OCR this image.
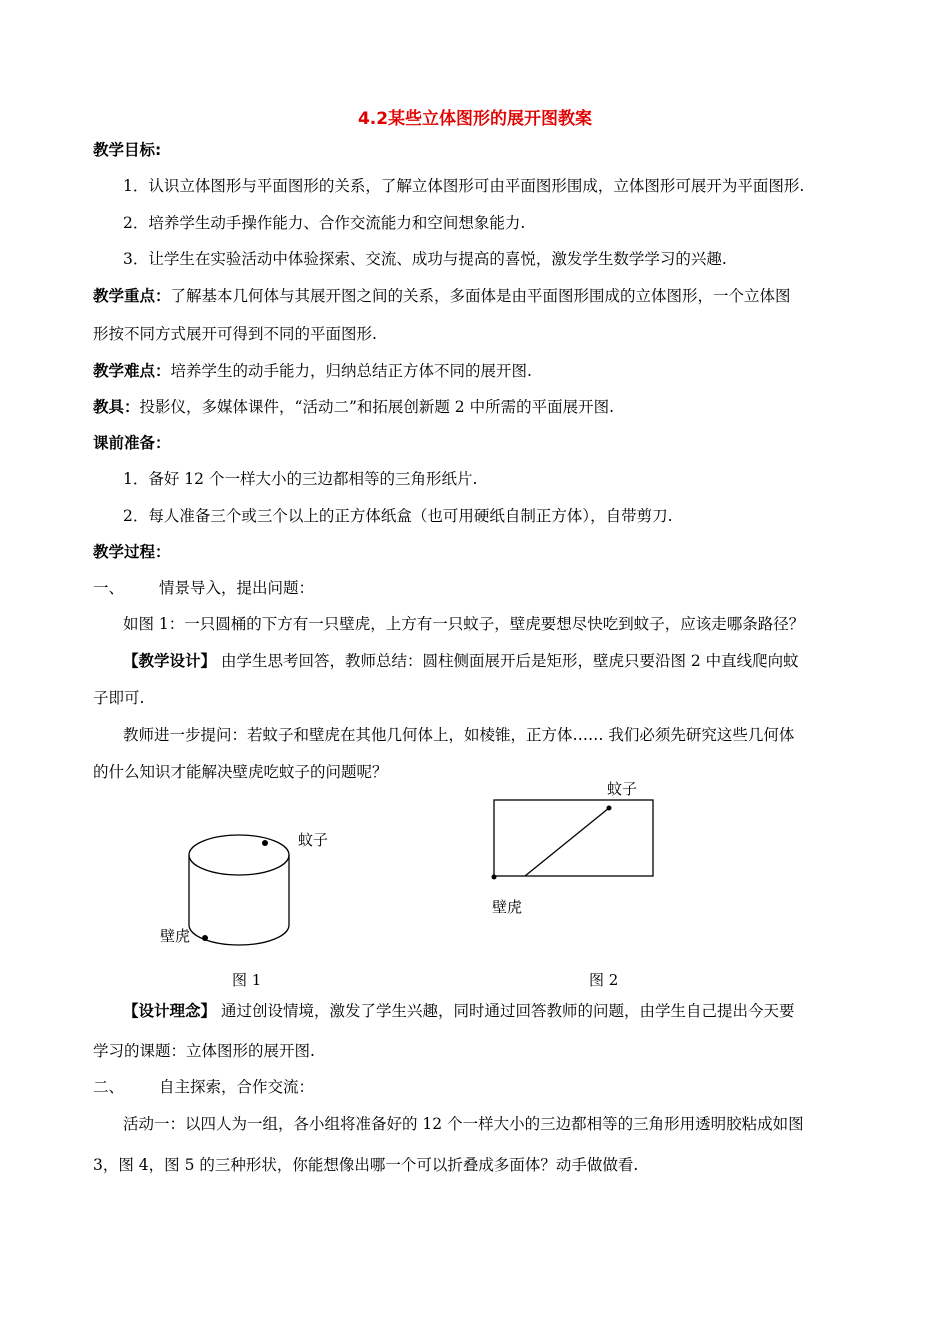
4.2某些立体图形的展开图教案
教学目标:
1．认识立体图形与平面图形的关系，了解立体图形可由平面图形围成，立体图形可展开为平面图形.
2．培养学生动手操作能力、合作交流能力和空间想象能力.
3．让学生在实验活动中体验探索、交流、成功与提高的喜悦，激发学生数学学习的兴趣.
教学重点：了解基本几何体与其展开图之间的关系，多面体是由平面图形围成的立体图形，一个立体图
形按不同方式展开可得到不同的平面图形.
教学难点：培养学生的动手能力，归纳总结正方体不同的展开图.
教具：投影仪，多媒体课件，“活动二”和拓展创新题 2 中所需的平面展开图.
课前准备：
1．备好 12 个一样大小的三边都相等的三角形纸片.
2．每人准备三个或三个以上的正方体纸盒（也可用硬纸自制正方体），自带剪刀.
教学过程：
一、 情景导入，提出问题：
如图 1：一只圆桶的下方有一只壁虎，上方有一只蚊子，壁虎要想尽快吃到蚊子，应该走哪条路径？
【教学设计】 由学生思考回答，教师总结：圆柱侧面展开后是矩形，壁虎只要沿图 2 中直线爬向蚊
子即可.
教师进一步提问：若蚊子和壁虎在其他几何体上，如棱锥，正方体…… 我们必须先研究这些几何体
的什么知识才能解决壁虎吃蚊子的问题呢？
蚊子
壁虎
图 1
蚊子
壁虎
图 2
【设计理念】 通过创设情境，激发了学生兴趣，同时通过回答教师的问题，由学生自己提出今天要
学习的课题：立体图形的展开图.
二、 自主探索，合作交流：
活动一：以四人为一组，各小组将准备好的 12 个一样大小的三边都相等的三角形用透明胶粘成如图
3，图 4，图 5 的三种形状，你能想像出哪一个可以折叠成多面体？动手做做看.
